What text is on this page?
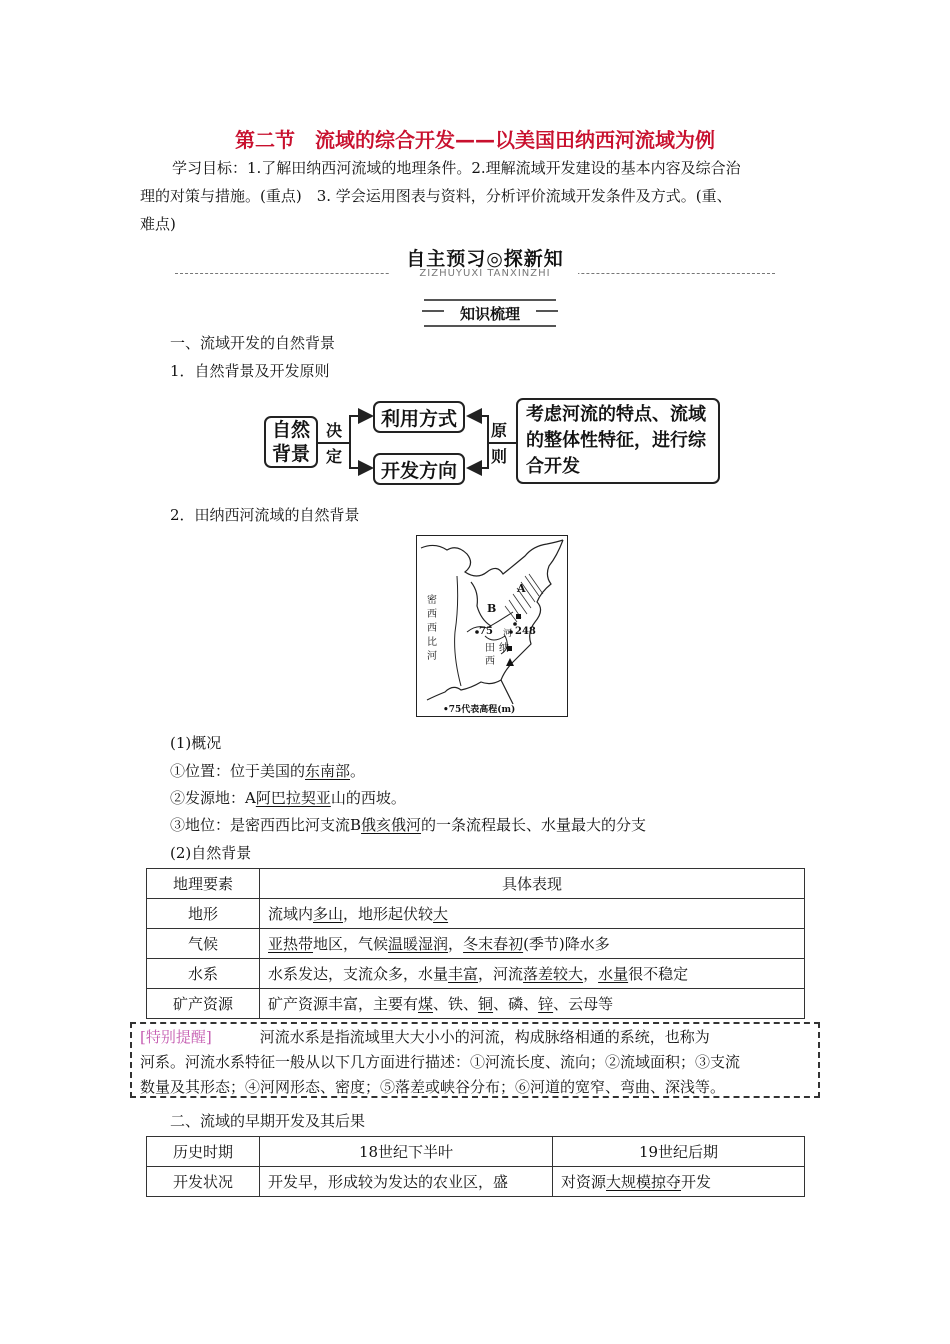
第二节　流域的综合开发——以美国田纳西河流域为例
学习目标：1.了解田纳西河流域的地理条件。2.理解流域开发建设的基本内容及综合治
理的对策与措施。(重点)　3. 学会运用图表与资料，分析评价流域开发条件及方式。(重、
难点)
自主预习◎探新知
ZIZHUYUXI TANXINZHI
知识梳理
一、流域开发的自然背景
1．自然背景及开发原则
自然背景
决定
利用方式
开发方向
原则
考虑河流的特点、流域的整体性特征，进行综合开发
2．田纳西河流域的自然背景
密西西比河
A
B
75 248
田纳西
河
•75代表高程(m)
(1)概况
①位置：位于美国的东南部。
②发源地：A阿巴拉契亚山的西坡。
③地位：是密西西比河支流B俄亥俄河的一条流程最长、水量最大的分支
(2)自然背景
地理要素	具体表现
地形	流域内多山，地形起伏较大
气候	亚热带地区，气候温暖湿润，冬末春初(季节)降水多
水系	水系发达，支流众多，水量丰富，河流落差较大，水量很不稳定
矿产资源	矿产资源丰富，主要有煤、铁、铜、磷、锌、云母等
[特别提醒]	河流水系是指流域里大大小小的河流，构成脉络相通的系统，也称为
河系。河流水系特征一般从以下几方面进行描述：①河流长度、流向；②流域面积；③支流
数量及其形态；④河网形态、密度；⑤落差或峡谷分布；⑥河道的宽窄、弯曲、深浅等。
二、流域的早期开发及其后果
历史时期	18世纪下半叶	19世纪后期
开发状况	开发早，形成较为发达的农业区，盛	对资源大规模掠夺开发
